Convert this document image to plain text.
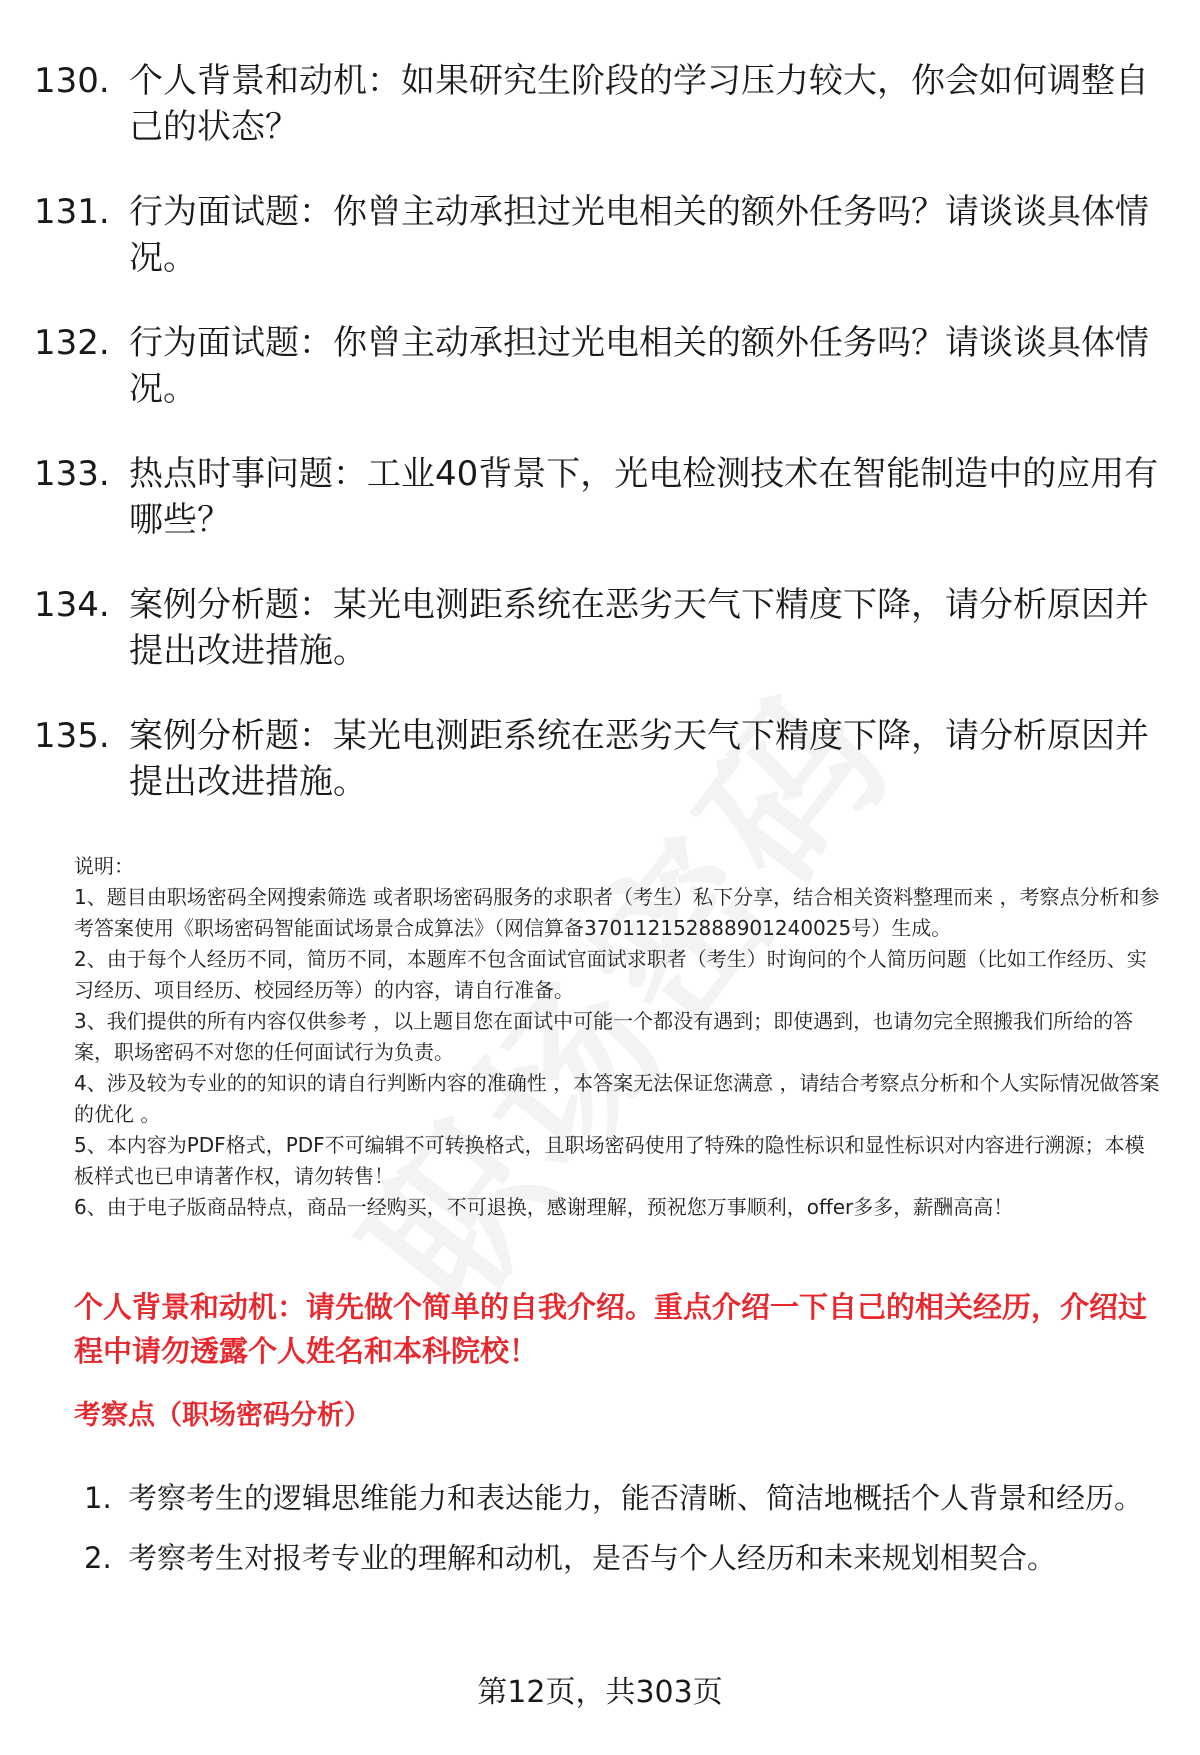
130. 个人背景和动机：如果研究生阶段的学习压力较大，你会如何调整自己的状态？
131. 行为面试题：你曾主动承担过光电相关的额外任务吗？请谈谈具体情况。
132. 行为面试题：你曾主动承担过光电相关的额外任务吗？请谈谈具体情况。
133. 热点时事问题：工业40背景下，光电检测技术在智能制造中的应用有哪些？
134. 案例分析题：某光电测距系统在恶劣天气下精度下降，请分析原因并提出改进措施。
135. 案例分析题：某光电测距系统在恶劣天气下精度下降，请分析原因并提出改进措施。

说明：

1、题目由职场密码全网搜索筛选 或者职场密码服务的求职者（考生）私下分享，结合相关资料整理而来 ，考察点分析和参考答案使用《职场密码智能面试场景合成算法》（网信算备370112152888901240025号）生成。

2、由于每个人经历不同，简历不同，本题库不包含面试官面试求职者（考生）时询问的个人简历问题（比如工作经历、实习经历、项目经历、校园经历等）的内容，请自行准备。

3、我们提供的所有内容仅供参考 ，以上题目您在面试中可能一个都没有遇到；即使遇到，也请勿完全照搬我们所给的答案，职场密码不对您的任何面试行为负责。

4、涉及较为专业的的知识的请自行判断内容的准确性 ，本答案无法保证您满意 ，请结合考察点分析和个人实际情况做答案的优化 。

5、本内容为PDF格式，PDF不可编辑不可转换格式，且职场密码使用了特殊的隐性标识和显性标识对内容进行溯源；本模板样式也已申请著作权，请勿转售！

6、由于电子版商品特点，商品一经购买，不可退换，感谢理解，预祝您万事顺利，offer多多，薪酬高高！

个人背景和动机：请先做个简单的自我介绍。重点介绍一下自己的相关经历，介绍过程中请勿透露个人姓名和本科院校！
考察点（职场密码分析）
1. 考察考生的逻辑思维能力和表达能力，能否清晰、简洁地概括个人背景和经历。
2. 考察考生对报考专业的理解和动机，是否与个人经历和未来规划相契合。
第12页，共303页
